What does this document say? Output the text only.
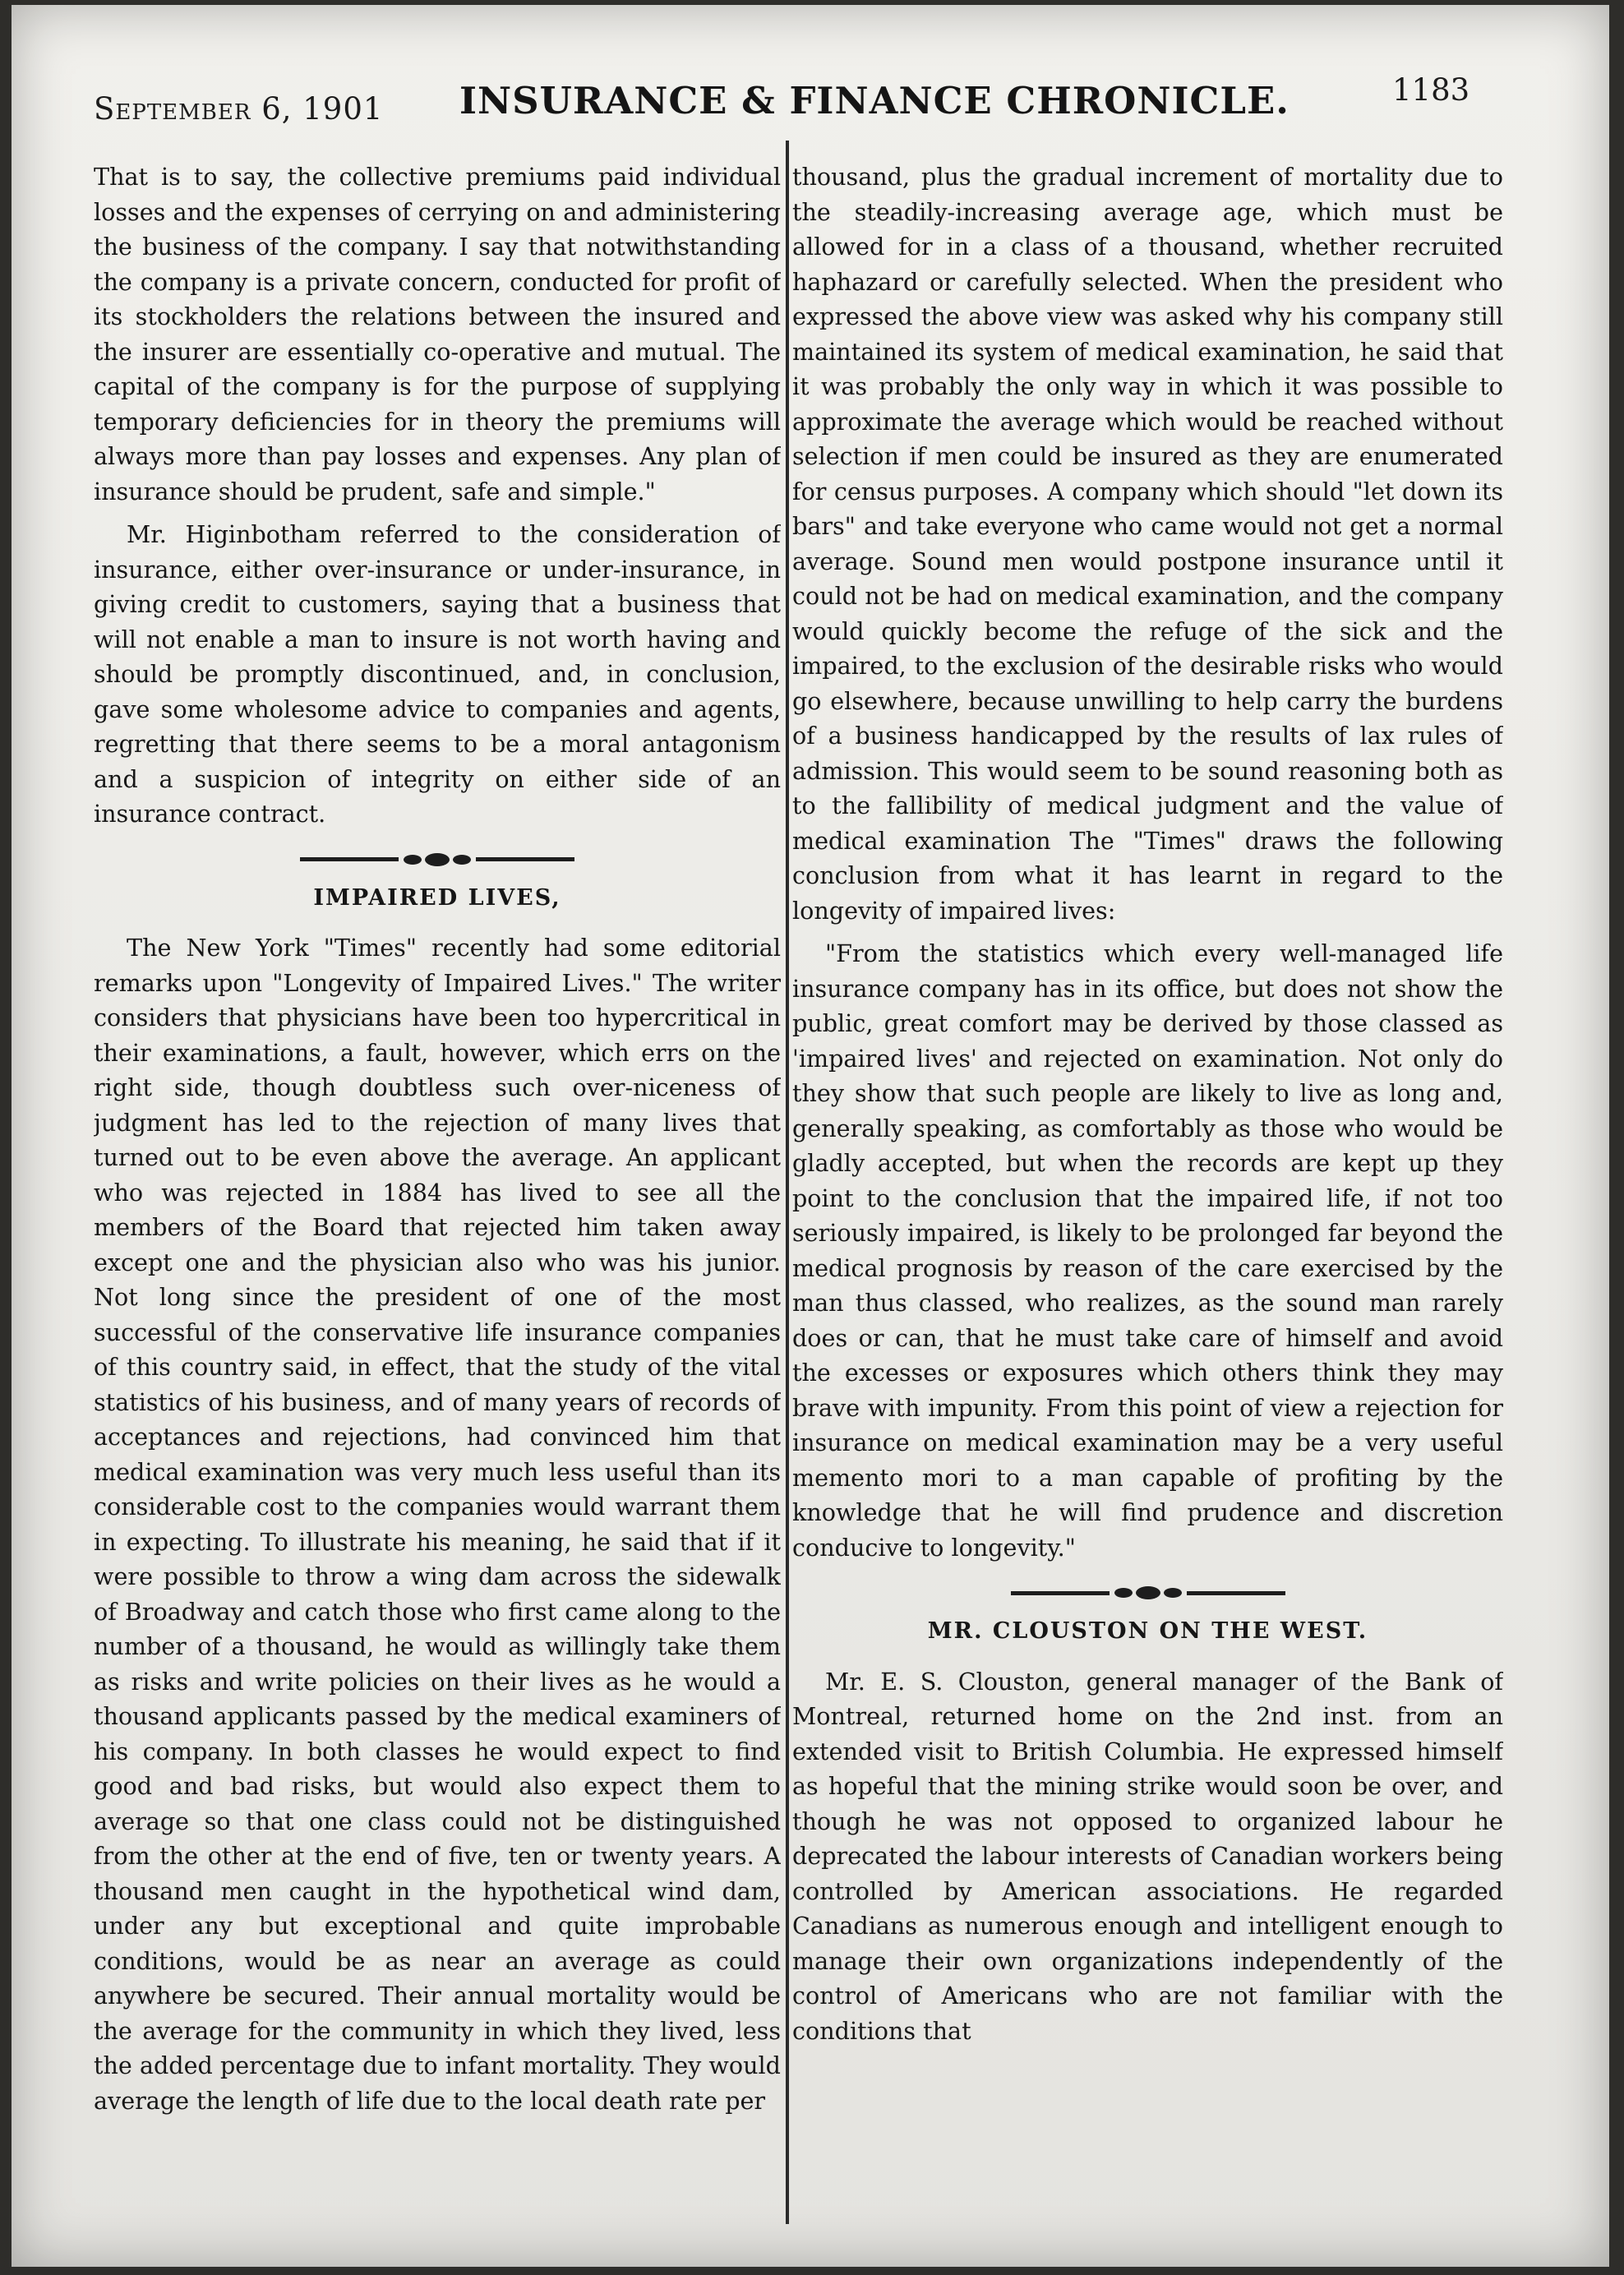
September 6, 1901 INSURANCE & FINANCE CHRONICLE.	1183

That is to say, the collective premiums paid individual losses and the expenses of cerrying on and administering the business of the company. I say that notwithstanding the company is a private concern, conducted for profit of its stockholders the relations between the insured and the insurer are essentially co-operative and mutual. The capital of the company is for the purpose of supplying temporary deficiencies for in theory the premiums will always more than pay losses and expenses. Any plan of insurance should be prudent, safe and simple."

Mr. Higinbotham referred to the consideration of insurance, either over-insurance or under-insurance, in giving credit to customers, saying that a business that will not enable a man to insure is not worth having and should be promptly discontinued, and, in conclusion, gave some wholesome advice to companies and agents, regretting that there seems to be a moral antagonism and a suspicion of integrity on either side of an insurance contract.

IMPAIRED LIVES,

The New York "Times" recently had some editorial remarks upon "Longevity of Impaired Lives." The writer considers that physicians have been too hypercritical in their examinations, a fault, however, which errs on the right side, though doubtless such over-niceness of judgment has led to the rejection of many lives that turned out to be even above the average. An applicant who was rejected in 1884 has lived to see all the members of the Board that rejected him taken away except one and the physician also who was his junior. Not long since the president of one of the most successful of the conservative life insurance companies of this country said, in effect, that the study of the vital statistics of his business, and of many years of records of acceptances and rejections, had convinced him that medical examination was very much less useful than its considerable cost to the companies would warrant them in expecting. To illustrate his meaning, he said that if it were possible to throw a wing dam across the sidewalk of Broadway and catch those who first came along to the number of a thousand, he would as willingly take them as risks and write policies on their lives as he would a thousand applicants passed by the medical examiners of his company. In both classes he would expect to find good and bad risks, but would also expect them to average so that one class could not be distinguished from the other at the end of five, ten or twenty years. A thousand men caught in the hypothetical wind dam, under any but exceptional and quite improbable conditions, would be as near an average as could anywhere be secured. Their annual mortality would be the average for the community in which they lived, less the added percentage due to infant mortality. They would average the length of life due to the local death rate per

thousand, plus the gradual increment of mortality due to the steadily-increasing average age, which must be allowed for in a class of a thousand, whether recruited haphazard or carefully selected. When the president who expressed the above view was asked why his company still maintained its system of medical examination, he said that it was probably the only way in which it was possible to approximate the average which would be reached without selection if men could be insured as they are enumerated for census purposes. A company which should "let down its bars" and take everyone who came would not get a normal average. Sound men would postpone insurance until it could not be had on medical examination, and the company would quickly become the refuge of the sick and the impaired, to the exclusion of the desirable risks who would go elsewhere, because unwilling to help carry the burdens of a business handicapped by the results of lax rules of admission. This would seem to be sound reasoning both as to the fallibility of medical judgment and the value of medical examination The "Times" draws the following conclusion from what it has learnt in regard to the longevity of impaired lives:

"From the statistics which every well-managed life insurance company has in its office, but does not show the public, great comfort may be derived by those classed as 'impaired lives' and rejected on examination. Not only do they show that such people are likely to live as long and, generally speaking, as comfortably as those who would be gladly accepted, but when the records are kept up they point to the conclusion that the impaired life, if not too seriously impaired, is likely to be prolonged far beyond the medical prognosis by reason of the care exercised by the man thus classed, who realizes, as the sound man rarely does or can, that he must take care of himself and avoid the excesses or exposures which others think they may brave with impunity. From this point of view a rejection for insurance on medical examination may be a very useful memento mori to a man capable of profiting by the knowledge that he will find prudence and discretion conducive to longevity."

MR. CLOUSTON ON THE WEST.

Mr. E. S. Clouston, general manager of the Bank of Montreal, returned home on the 2nd inst. from an extended visit to British Columbia. He expressed himself as hopeful that the mining strike would soon be over, and though he was not opposed to organized labour he deprecated the labour interests of Canadian workers being controlled by American associations. He regarded Canadians as numerous enough and intelligent enough to manage their own organizations independently of the control of Americans who are not familiar with the conditions that
